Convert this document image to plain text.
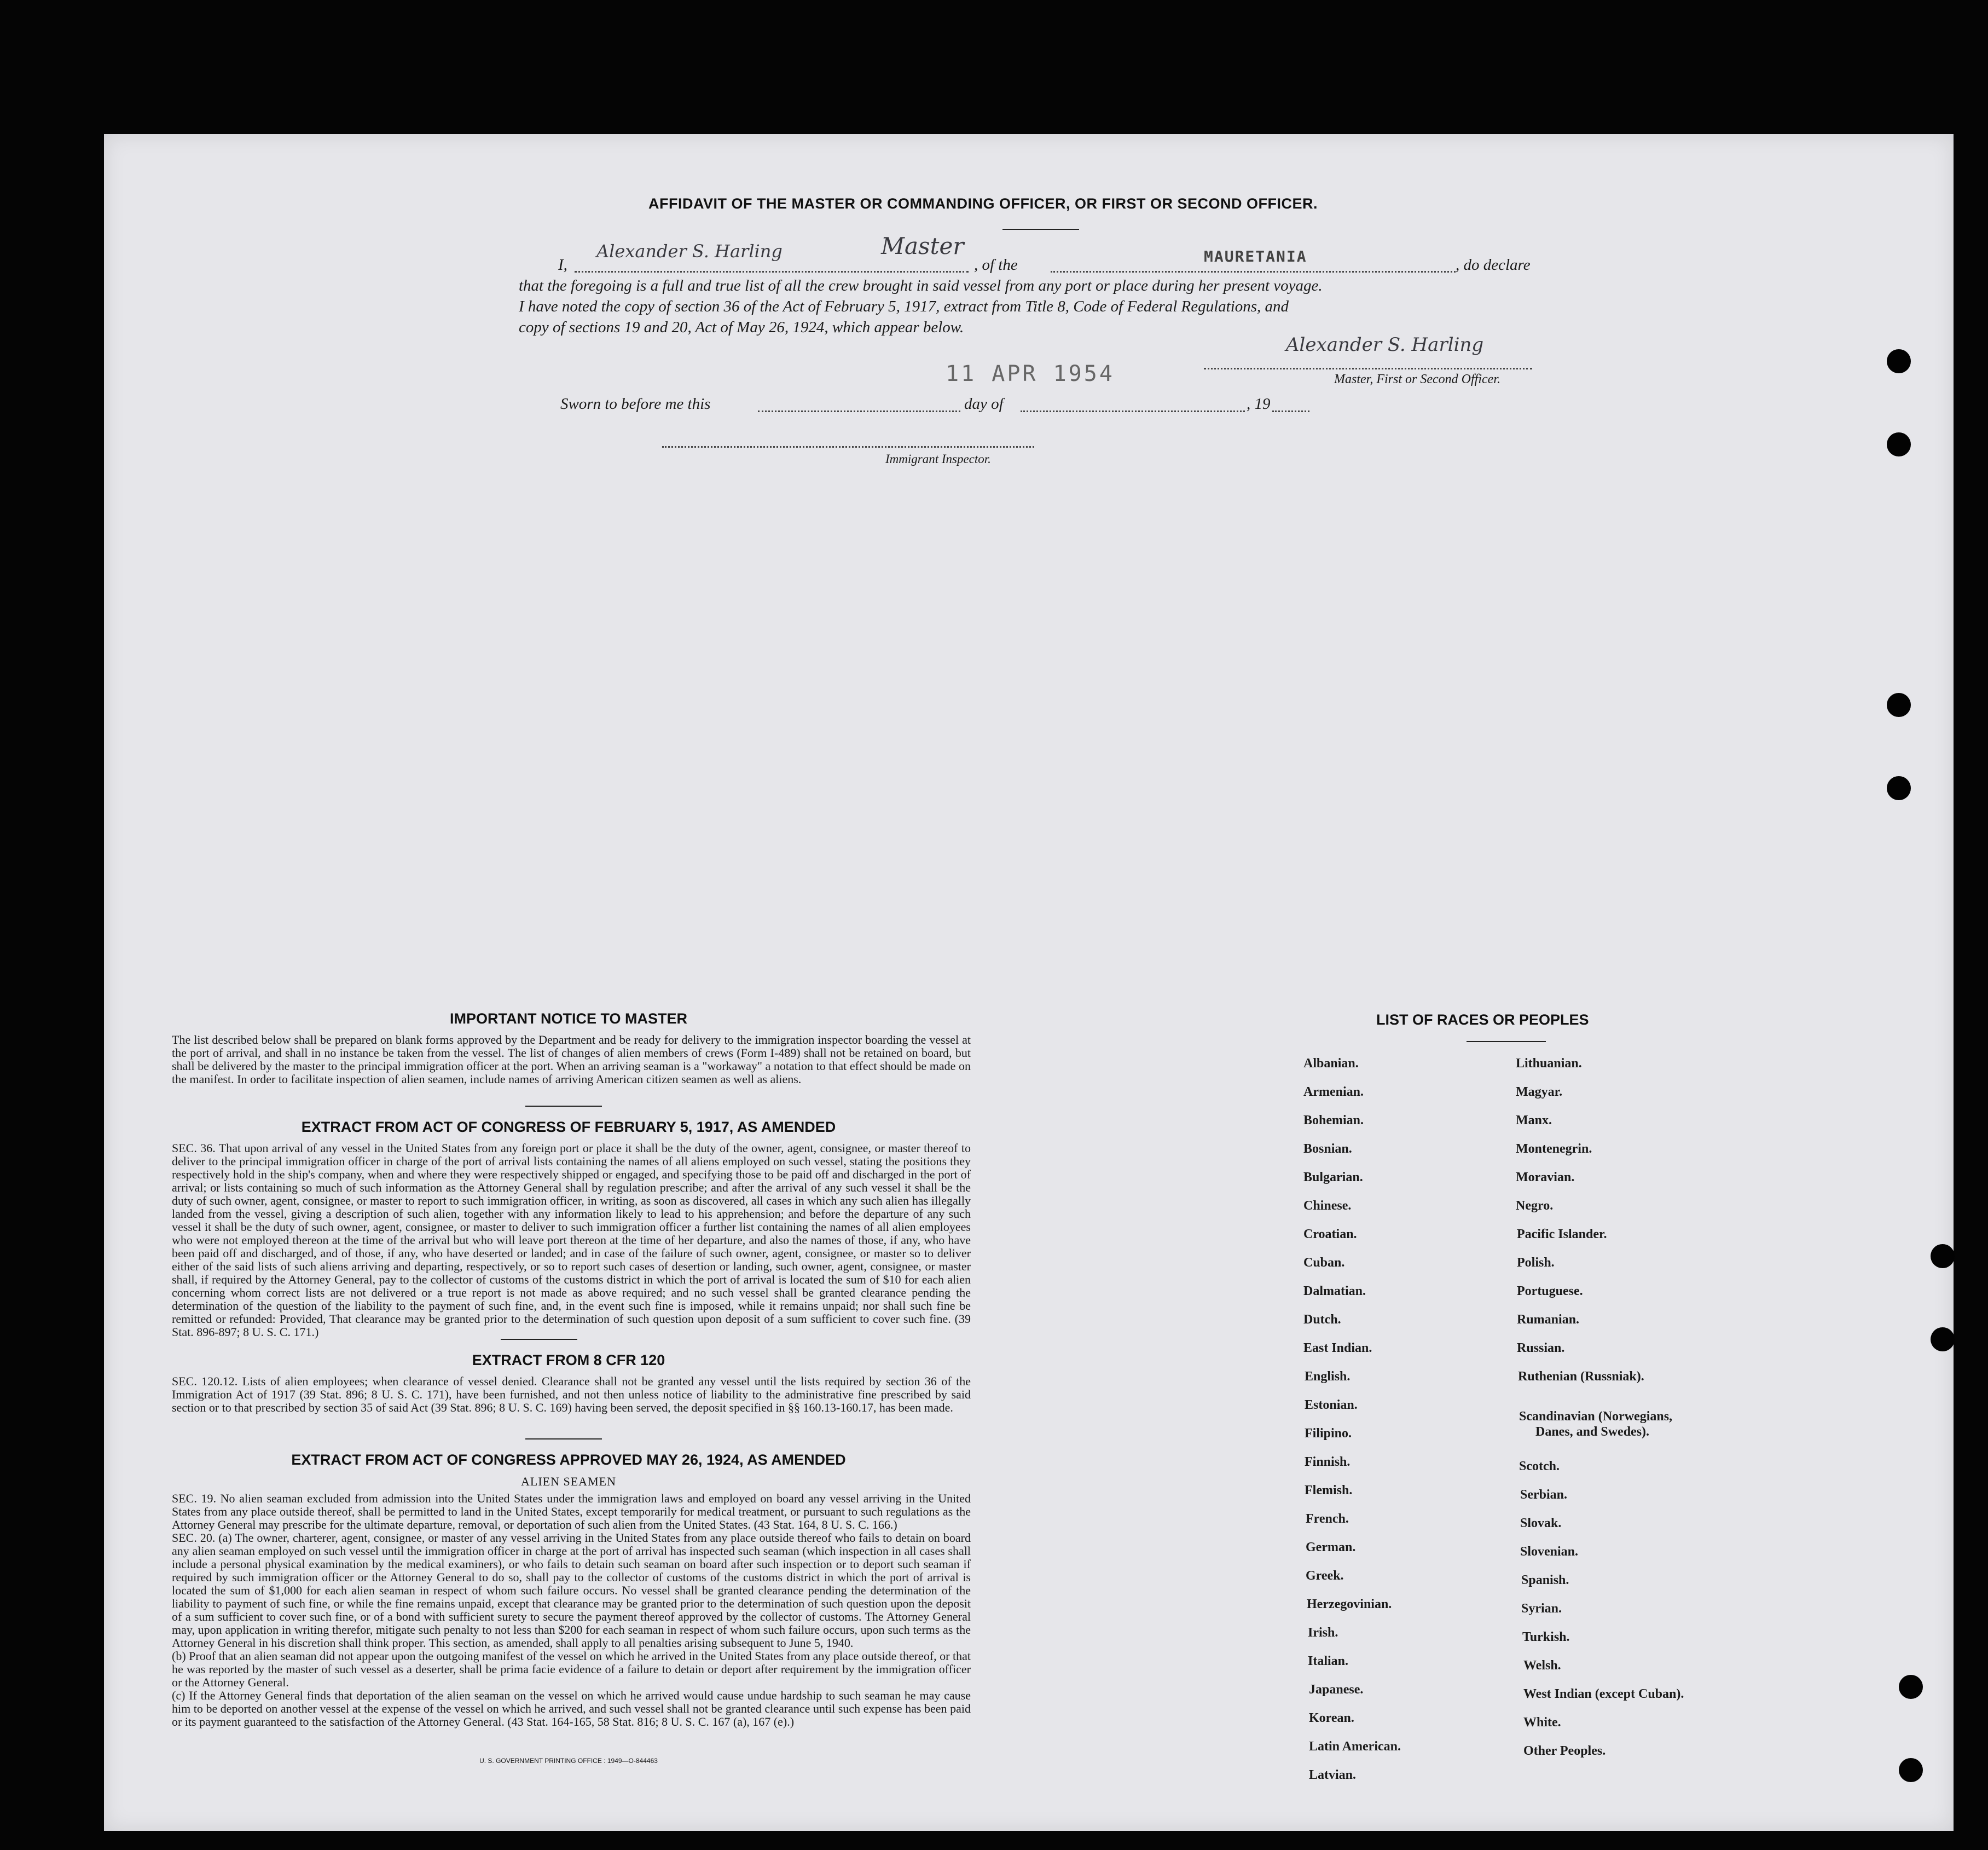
AFFIDAVIT OF THE MASTER OR COMMANDING OFFICER, OR FIRST OR SECOND OFFICER.
I,
Alexander S. Harling	Master
, of the	MAURETANIA	, do declare
that the foregoing is a full and true list of all the crew brought in said vessel from any port or place during her present voyage.
I have noted the copy of section 36 of the Act of February 5, 1917, extract from Title 8, Code of Federal Regulations, and
copy of sections 19 and 20, Act of May 26, 1924, which appear below.
Alexander S. Harling
Master, First or Second Officer.
11 APR 1954
Sworn to before me this	day of	, 19
Immigrant Inspector.
IMPORTANT NOTICE TO MASTER
The list described below shall be prepared on blank forms approved by the Department and be ready for delivery to the immigration inspector boarding the vessel at the port of arrival, and shall in no instance be taken from the vessel. The list of changes of alien members of crews (Form I-489) shall not be retained on board, but shall be delivered by the master to the principal immigration officer at the port. When an arriving seaman is a "workaway" a notation to that effect should be made on the manifest. In order to facilitate inspection of alien seamen, include names of arriving American citizen seamen as well as aliens.
EXTRACT FROM ACT OF CONGRESS OF FEBRUARY 5, 1917, AS AMENDED
SEC. 36. That upon arrival of any vessel in the United States from any foreign port or place it shall be the duty of the owner, agent, consignee, or master thereof to deliver to the principal immigration officer in charge of the port of arrival lists containing the names of all aliens employed on such vessel, stating the positions they respectively hold in the ship's company, when and where they were respectively shipped or engaged, and specifying those to be paid off and discharged in the port of arrival; or lists containing so much of such information as the Attorney General shall by regulation prescribe; and after the arrival of any such vessel it shall be the duty of such owner, agent, consignee, or master to report to such immigration officer, in writing, as soon as discovered, all cases in which any such alien has illegally landed from the vessel, giving a description of such alien, together with any information likely to lead to his apprehension; and before the departure of any such vessel it shall be the duty of such owner, agent, consignee, or master to deliver to such immigration officer a further list containing the names of all alien employees who were not employed thereon at the time of the arrival but who will leave port thereon at the time of her departure, and also the names of those, if any, who have been paid off and discharged, and of those, if any, who have deserted or landed; and in case of the failure of such owner, agent, consignee, or master so to deliver either of the said lists of such aliens arriving and departing, respectively, or so to report such cases of desertion or landing, such owner, agent, consignee, or master shall, if required by the Attorney General, pay to the collector of customs of the customs district in which the port of arrival is located the sum of $10 for each alien concerning whom correct lists are not delivered or a true report is not made as above required; and no such vessel shall be granted clearance pending the determination of the question of the liability to the payment of such fine, and, in the event such fine is imposed, while it remains unpaid; nor shall such fine be remitted or refunded: Provided, That clearance may be granted prior to the determination of such question upon deposit of a sum sufficient to cover such fine. (39 Stat. 896-897; 8 U. S. C. 171.)
EXTRACT FROM 8 CFR 120
SEC. 120.12. Lists of alien employees; when clearance of vessel denied. Clearance shall not be granted any vessel until the lists required by section 36 of the Immigration Act of 1917 (39 Stat. 896; 8 U. S. C. 171), have been furnished, and not then unless notice of liability to the administrative fine prescribed by said section or to that prescribed by section 35 of said Act (39 Stat. 896; 8 U. S. C. 169) having been served, the deposit specified in §§ 160.13-160.17, has been made.
EXTRACT FROM ACT OF CONGRESS APPROVED MAY 26, 1924, AS AMENDED
ALIEN SEAMEN
SEC. 19. No alien seaman excluded from admission into the United States under the immigration laws and employed on board any vessel arriving in the United States from any place outside thereof, shall be permitted to land in the United States, except temporarily for medical treatment, or pursuant to such regulations as the Attorney General may prescribe for the ultimate departure, removal, or deportation of such alien from the United States. (43 Stat. 164, 8 U. S. C. 166.)
SEC. 20. (a) The owner, charterer, agent, consignee, or master of any vessel arriving in the United States from any place outside thereof who fails to detain on board any alien seaman employed on such vessel until the immigration officer in charge at the port of arrival has inspected such seaman (which inspection in all cases shall include a personal physical examination by the medical examiners), or who fails to detain such seaman on board after such inspection or to deport such seaman if required by such immigration officer or the Attorney General to do so, shall pay to the collector of customs of the customs district in which the port of arrival is located the sum of $1,000 for each alien seaman in respect of whom such failure occurs. No vessel shall be granted clearance pending the determination of the liability to payment of such fine, or while the fine remains unpaid, except that clearance may be granted prior to the determination of such question upon the deposit of a sum sufficient to cover such fine, or of a bond with sufficient surety to secure the payment thereof approved by the collector of customs. The Attorney General may, upon application in writing therefor, mitigate such penalty to not less than $200 for each seaman in respect of whom such failure occurs, upon such terms as the Attorney General in his discretion shall think proper. This section, as amended, shall apply to all penalties arising subsequent to June 5, 1940.
(b) Proof that an alien seaman did not appear upon the outgoing manifest of the vessel on which he arrived in the United States from any place outside thereof, or that he was reported by the master of such vessel as a deserter, shall be prima facie evidence of a failure to detain or deport after requirement by the immigration officer or the Attorney General.
(c) If the Attorney General finds that deportation of the alien seaman on the vessel on which he arrived would cause undue hardship to such seaman he may cause him to be deported on another vessel at the expense of the vessel on which he arrived, and such vessel shall not be granted clearance until such expense has been paid or its payment guaranteed to the satisfaction of the Attorney General. (43 Stat. 164-165, 58 Stat. 816; 8 U. S. C. 167 (a), 167 (e).)
U. S. GOVERNMENT PRINTING OFFICE : 1949—O-844463
LIST OF RACES OR PEOPLES
Albanian.
Armenian.
Bohemian.
Bosnian.
Bulgarian.
Chinese.
Croatian.
Cuban.
Dalmatian.
Dutch.
East Indian.
English.
Estonian.
Filipino.
Finnish.
Flemish.
French.
German.
Greek.
Herzegovinian.
Irish.
Italian.
Japanese.
Korean.
Latin American.
Latvian.
Lithuanian.
Magyar.
Manx.
Montenegrin.
Moravian.
Negro.
Pacific Islander.
Polish.
Portuguese.
Rumanian.
Russian.
Ruthenian (Russniak).
Scandinavian (Norwegians,
Danes, and Swedes).
Scotch.
Serbian.
Slovak.
Slovenian.
Spanish.
Syrian.
Turkish.
Welsh.
West Indian (except Cuban).
White.
Other Peoples.
